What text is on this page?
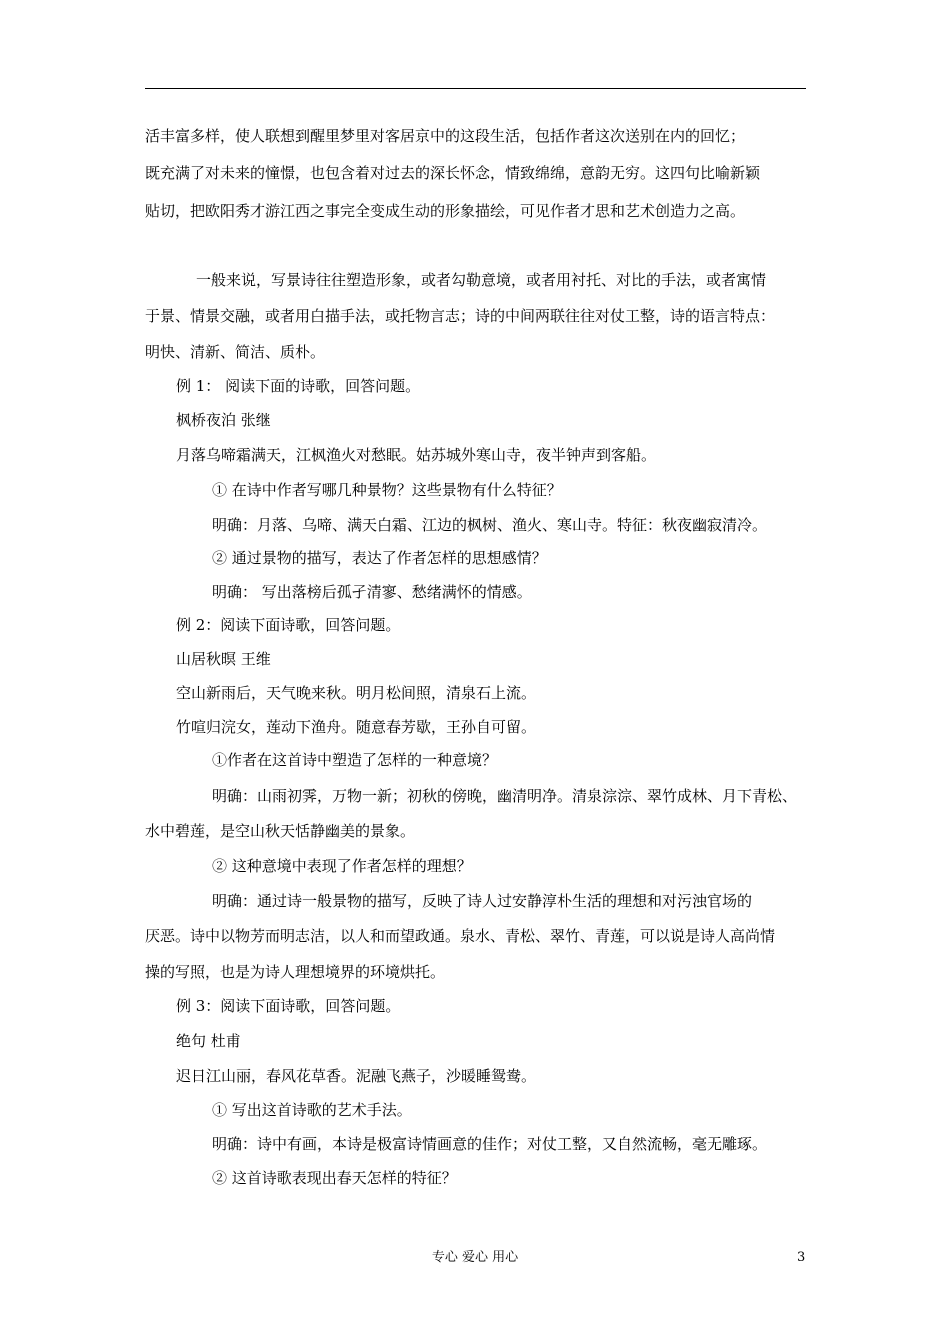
活丰富多样，使人联想到醒里梦里对客居京中的这段生活，包括作者这次送别在内的回忆；
既充满了对未来的憧憬，也包含着对过去的深长怀念，情致绵绵，意韵无穷。这四句比喻新颖
贴切，把欧阳秀才游江西之事完全变成生动的形象描绘，可见作者才思和艺术创造力之高。
一般来说，写景诗往往塑造形象，或者勾勒意境，或者用衬托、对比的手法，或者寓情
于景、情景交融，或者用白描手法，或托物言志；诗的中间两联往往对仗工整，诗的语言特点：
明快、清新、简洁、质朴。
例 1： 阅读下面的诗歌，回答问题。
枫桥夜泊 张继
月落乌啼霜满天，江枫渔火对愁眠。姑苏城外寒山寺，夜半钟声到客船。
① 在诗中作者写哪几种景物？这些景物有什么特征？
明确：月落、乌啼、满天白霜、江边的枫树、渔火、寒山寺。特征：秋夜幽寂清冷。
② 通过景物的描写，表达了作者怎样的思想感情？
明确： 写出落榜后孤孑清寥、愁绪满怀的情感。
例 2：阅读下面诗歌，回答问题。
山居秋暝 王维
空山新雨后，天气晚来秋。明月松间照，清泉石上流。
竹喧归浣女，莲动下渔舟。随意春芳歇，王孙自可留。
①作者在这首诗中塑造了怎样的一种意境？
明确：山雨初霁，万物一新；初秋的傍晚，幽清明净。清泉淙淙、翠竹成林、月下青松、
水中碧莲，是空山秋天恬静幽美的景象。
② 这种意境中表现了作者怎样的理想？
明确：通过诗一般景物的描写，反映了诗人过安静淳朴生活的理想和对污浊官场的
厌恶。诗中以物芳而明志洁，以人和而望政通。泉水、青松、翠竹、青莲，可以说是诗人高尚情
操的写照，也是为诗人理想境界的环境烘托。
例 3：阅读下面诗歌，回答问题。
绝句 杜甫
迟日江山丽，春风花草香。泥融飞燕子，沙暖睡鸳鸯。
① 写出这首诗歌的艺术手法。
明确：诗中有画，本诗是极富诗情画意的佳作；对仗工整，又自然流畅，毫无雕琢。
② 这首诗歌表现出春天怎样的特征？
专心 爱心 用心	3
